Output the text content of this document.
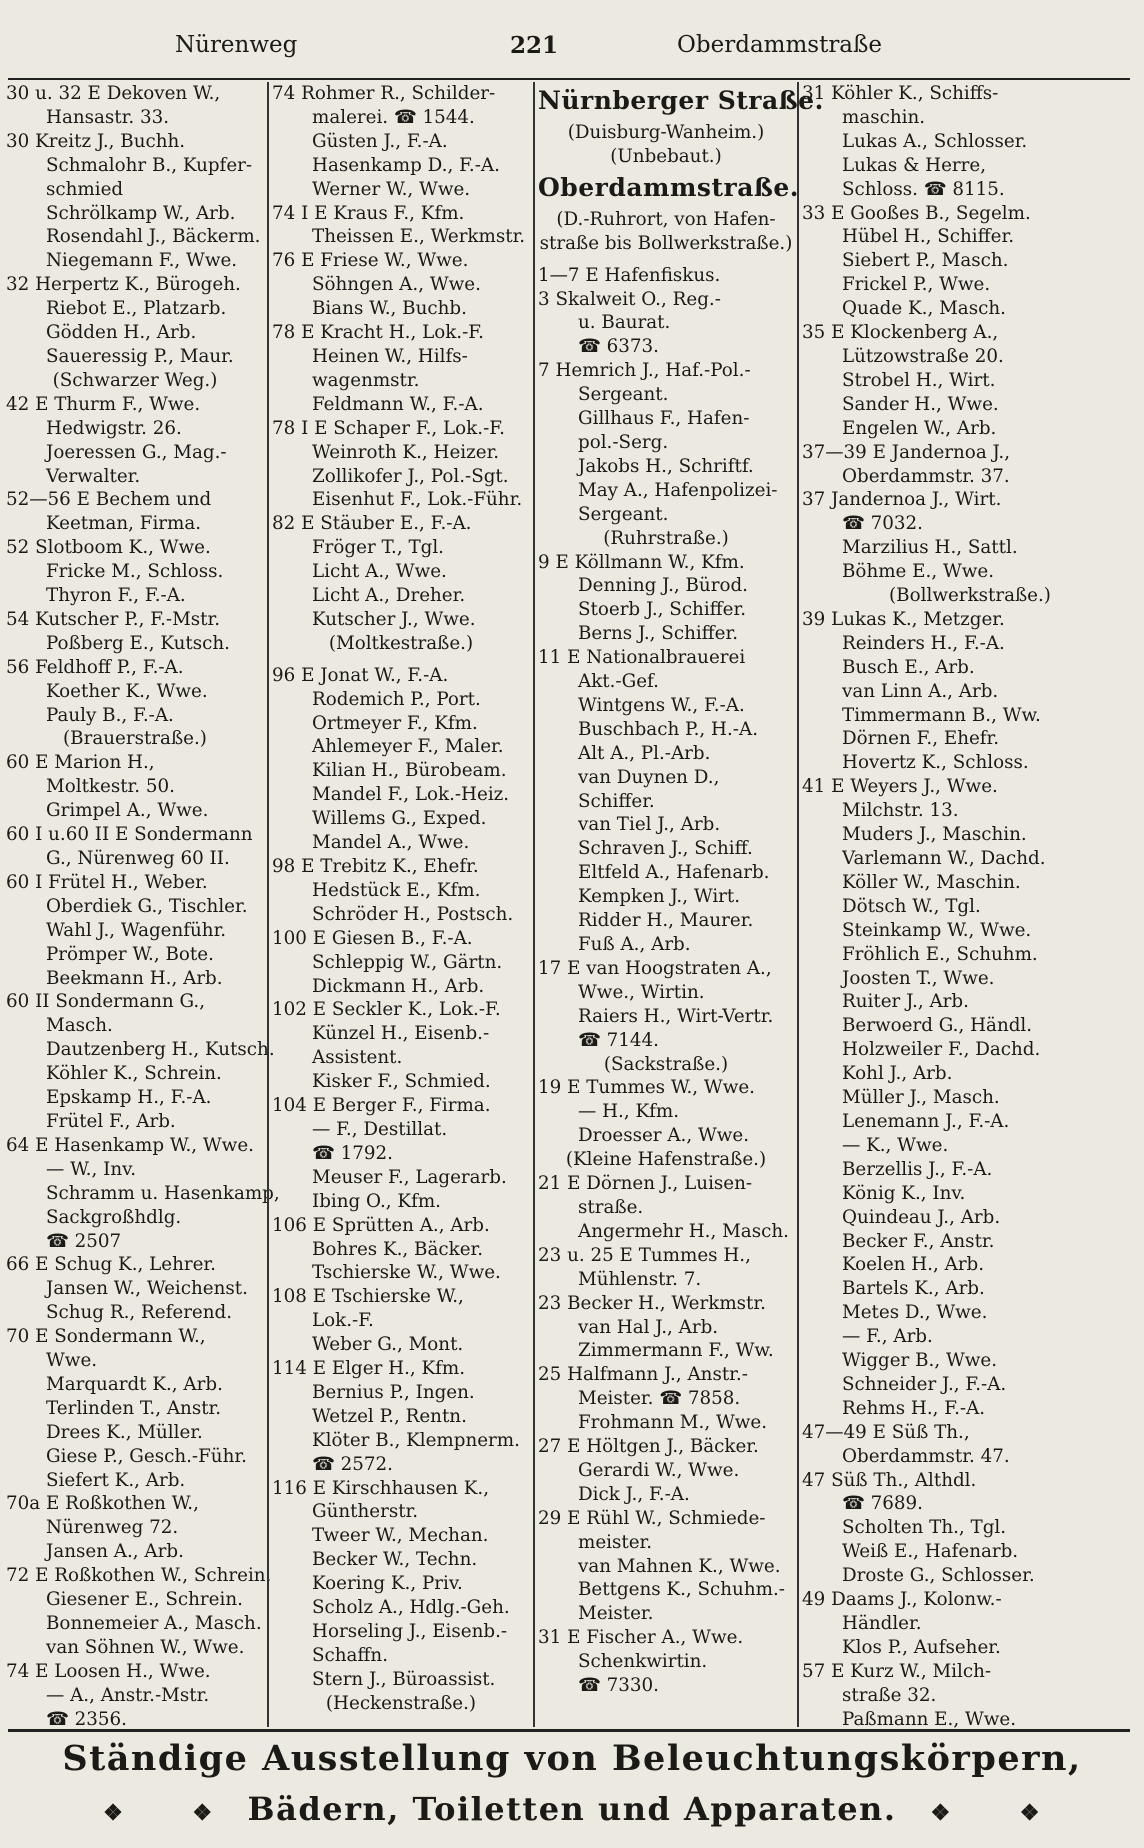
Nürenweg	221	Oberdammstraße
30 u. 32 E Dekoven W.,
Hansastr. 33.
30 Kreitz J., Buchh.
Schmalohr B., Kupfer-
schmied
Schrölkamp W., Arb.
Rosendahl J., Bäckerm.
Niegemann F., Wwe.
32 Herpertz K., Bürogeh.
Riebot E., Platzarb.
Gödden H., Arb.
Saueressig P., Maur.
(Schwarzer Weg.)
42 E Thurm F., Wwe.
Hedwigstr. 26.
Joeressen G., Mag.-
Verwalter.
52—56 E Bechem und
Keetman, Firma.
52 Slotboom K., Wwe.
Fricke M., Schloss.
Thyron F., F.-A.
54 Kutscher P., F.-Mstr.
Poßberg E., Kutsch.
56 Feldhoff P., F.-A.
Koether K., Wwe.
Pauly B., F.-A.
(Brauerstraße.)
60 E Marion H.,
Moltkestr. 50.
Grimpel A., Wwe.
60 I u.60 II E Sondermann
G., Nürenweg 60 II.
60 I Frütel H., Weber.
Oberdiek G., Tischler.
Wahl J., Wagenführ.
Prömper W., Bote.
Beekmann H., Arb.
60 II Sondermann G.,
Masch.
Dautzenberg H., Kutsch.
Köhler K., Schrein.
Epskamp H., F.-A.
Frütel F., Arb.
64 E Hasenkamp W., Wwe.
— W., Inv.
Schramm u. Hasenkamp,
Sackgroßhdlg.
☎ 2507
66 E Schug K., Lehrer.
Jansen W., Weichenst.
Schug R., Referend.
70 E Sondermann W.,
Wwe.
Marquardt K., Arb.
Terlinden T., Anstr.
Drees K., Müller.
Giese P., Gesch.-Führ.
Siefert K., Arb.
70a E Roßkothen W.,
Nürenweg 72.
Jansen A., Arb.
72 E Roßkothen W., Schrein.
Giesener E., Schrein.
Bonnemeier A., Masch.
van Söhnen W., Wwe.
74 E Loosen H., Wwe.
— A., Anstr.-Mstr.
☎ 2356.
74 Rohmer R., Schilder-
malerei. ☎ 1544.
Güsten J., F.-A.
Hasenkamp D., F.-A.
Werner W., Wwe.
74 I E Kraus F., Kfm.
Theissen E., Werkmstr.
76 E Friese W., Wwe.
Söhngen A., Wwe.
Bians W., Buchb.
78 E Kracht H., Lok.-F.
Heinen W., Hilfs-
wagenmstr.
Feldmann W., F.-A.
78 I E Schaper F., Lok.-F.
Weinroth K., Heizer.
Zollikofer J., Pol.-Sgt.
Eisenhut F., Lok.-Führ.
82 E Stäuber E., F.-A.
Fröger T., Tgl.
Licht A., Wwe.
Licht A., Dreher.
Kutscher J., Wwe.
(Moltkestraße.)
96 E Jonat W., F.-A.
Rodemich P., Port.
Ortmeyer F., Kfm.
Ahlemeyer F., Maler.
Kilian H., Bürobeam.
Mandel F., Lok.-Heiz.
Willems G., Exped.
Mandel A., Wwe.
98 E Trebitz K., Ehefr.
Hedstück E., Kfm.
Schröder H., Postsch.
100 E Giesen B., F.-A.
Schleppig W., Gärtn.
Dickmann H., Arb.
102 E Seckler K., Lok.-F.
Künzel H., Eisenb.-
Assistent.
Kisker F., Schmied.
104 E Berger F., Firma.
— F., Destillat.
☎ 1792.
Meuser F., Lagerarb.
Ibing O., Kfm.
106 E Sprütten A., Arb.
Bohres K., Bäcker.
Tschierske W., Wwe.
108 E Tschierske W.,
Lok.-F.
Weber G., Mont.
114 E Elger H., Kfm.
Bernius P., Ingen.
Wetzel P., Rentn.
Klöter B., Klempnerm.
☎ 2572.
116 E Kirschhausen K.,
Güntherstr.
Tweer W., Mechan.
Becker W., Techn.
Koering K., Priv.
Scholz A., Hdlg.-Geh.
Horseling J., Eisenb.-
Schaffn.
Stern J., Büroassist.
(Heckenstraße.)
Nürnberger Straße.
(Duisburg-Wanheim.)
(Unbebaut.)
Oberdammstraße.
(D.-Ruhrort, von Hafen-
straße bis Bollwerkstraße.)
1—7 E Hafenfiskus.
3 Skalweit O., Reg.-
u. Baurat.
☎ 6373.
7 Hemrich J., Haf.-Pol.-
Sergeant.
Gillhaus F., Hafen-
pol.-Serg.
Jakobs H., Schriftf.
May A., Hafenpolizei-
Sergeant.
(Ruhrstraße.)
9 E Köllmann W., Kfm.
Denning J., Bürod.
Stoerb J., Schiffer.
Berns J., Schiffer.
11 E Nationalbrauerei
Akt.-Gef.
Wintgens W., F.-A.
Buschbach P., H.-A.
Alt A., Pl.-Arb.
van Duynen D.,
Schiffer.
van Tiel J., Arb.
Schraven J., Schiff.
Eltfeld A., Hafenarb.
Kempken J., Wirt.
Ridder H., Maurer.
Fuß A., Arb.
17 E van Hoogstraten A.,
Wwe., Wirtin.
Raiers H., Wirt-Vertr.
☎ 7144.
(Sackstraße.)
19 E Tummes W., Wwe.
— H., Kfm.
Droesser A., Wwe.
(Kleine Hafenstraße.)
21 E Dörnen J., Luisen-
straße.
Angermehr H., Masch.
23 u. 25 E Tummes H.,
Mühlenstr. 7.
23 Becker H., Werkmstr.
van Hal J., Arb.
Zimmermann F., Ww.
25 Halfmann J., Anstr.-
Meister. ☎ 7858.
Frohmann M., Wwe.
27 E Höltgen J., Bäcker.
Gerardi W., Wwe.
Dick J., F.-A.
29 E Rühl W., Schmiede-
meister.
van Mahnen K., Wwe.
Bettgens K., Schuhm.-
Meister.
31 E Fischer A., Wwe.
Schenkwirtin.
☎ 7330.
31 Köhler K., Schiffs-
maschin.
Lukas A., Schlosser.
Lukas & Herre,
Schloss. ☎ 8115.
33 E Gooßes B., Segelm.
Hübel H., Schiffer.
Siebert P., Masch.
Frickel P., Wwe.
Quade K., Masch.
35 E Klockenberg A.,
Lützowstraße 20.
Strobel H., Wirt.
Sander H., Wwe.
Engelen W., Arb.
37—39 E Jandernoa J.,
Oberdammstr. 37.
37 Jandernoa J., Wirt.
☎ 7032.
Marzilius H., Sattl.
Böhme E., Wwe.
(Bollwerkstraße.)
39 Lukas K., Metzger.
Reinders H., F.-A.
Busch E., Arb.
van Linn A., Arb.
Timmermann B., Ww.
Dörnen F., Ehefr.
Hovertz K., Schloss.
41 E Weyers J., Wwe.
Milchstr. 13.
Muders J., Maschin.
Varlemann W., Dachd.
Köller W., Maschin.
Dötsch W., Tgl.
Steinkamp W., Wwe.
Fröhlich E., Schuhm.
Joosten T., Wwe.
Ruiter J., Arb.
Berwoerd G., Händl.
Holzweiler F., Dachd.
Kohl J., Arb.
Müller J., Masch.
Lenemann J., F.-A.
— K., Wwe.
Berzellis J., F.-A.
König K., Inv.
Quindeau J., Arb.
Becker F., Anstr.
Koelen H., Arb.
Bartels K., Arb.
Metes D., Wwe.
— F., Arb.
Wigger B., Wwe.
Schneider J., F.-A.
Rehms H., F.-A.
47—49 E Süß Th.,
Oberdammstr. 47.
47 Süß Th., Althdl.
☎ 7689.
Scholten Th., Tgl.
Weiß E., Hafenarb.
Droste G., Schlosser.
49 Daams J., Kolonw.-
Händler.
Klos P., Aufseher.
57 E Kurz W., Milch-
straße 32.
Paßmann E., Wwe.
Ständige Ausstellung von Beleuchtungskörpern,
❖	❖ Bädern, Toiletten und Apparaten. ❖	❖
